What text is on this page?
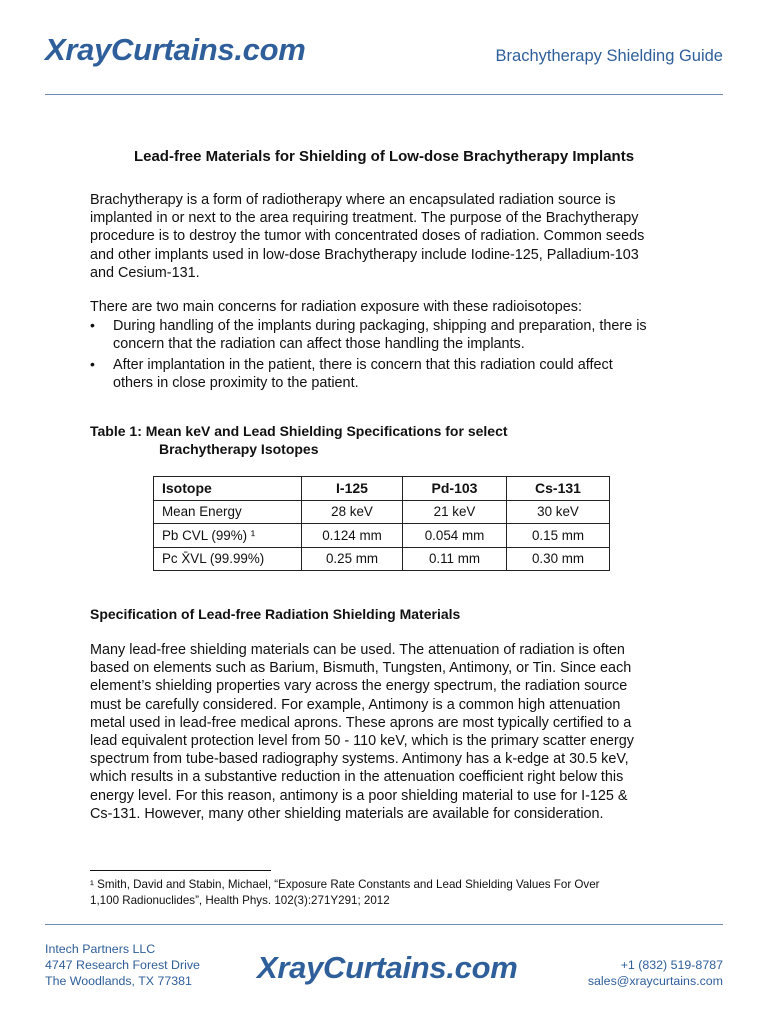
XrayCurtains.com	Brachytherapy Shielding Guide
Lead-free Materials for Shielding of Low-dose Brachytherapy Implants
Brachytherapy is a form of radiotherapy where an encapsulated radiation source is
implanted in or next to the area requiring treatment. The purpose of the Brachytherapy
procedure is to destroy the tumor with concentrated doses of radiation. Common seeds
and other implants used in low-dose Brachytherapy include Iodine-125, Palladium-103
and Cesium-131.
There are two main concerns for radiation exposure with these radioisotopes:
• During handling of the implants during packaging, shipping and preparation, there is
concern that the radiation can affect those handling the implants.
• After implantation in the patient, there is concern that this radiation could affect
others in close proximity to the patient.
Table 1: Mean keV and Lead Shielding Specifications for select
Brachytherapy Isotopes
Isotope	I-125	Pd-103	Cs-131
Mean Energy	28 keV	21 keV	30 keV
Pb CVL (99%) ¹	0.124 mm	0.054 mm	0.15 mm
Pc X̄VL (99.99%)	0.25 mm	0.11 mm	0.30 mm
Specification of Lead-free Radiation Shielding Materials
Many lead-free shielding materials can be used. The attenuation of radiation is often
based on elements such as Barium, Bismuth, Tungsten, Antimony, or Tin. Since each
element’s shielding properties vary across the energy spectrum, the radiation source
must be carefully considered. For example, Antimony is a common high attenuation
metal used in lead-free medical aprons. These aprons are most typically certified to a
lead equivalent protection level from 50 - 110 keV, which is the primary scatter energy
spectrum from tube-based radiography systems. Antimony has a k-edge at 30.5 keV,
which results in a substantive reduction in the attenuation coefficient right below this
energy level. For this reason, antimony is a poor shielding material to use for I-125 &
Cs-131. However, many other shielding materials are available for consideration.
¹ Smith, David and Stabin, Michael, “Exposure Rate Constants and Lead Shielding Values For Over
1,100 Radionuclides”, Health Phys. 102(3):271Y291; 2012
Intech Partners LLC
4747 Research Forest Drive
The Woodlands, TX 77381 XrayCurtains.com	+1 (832) 519-8787
sales@xraycurtains.com
